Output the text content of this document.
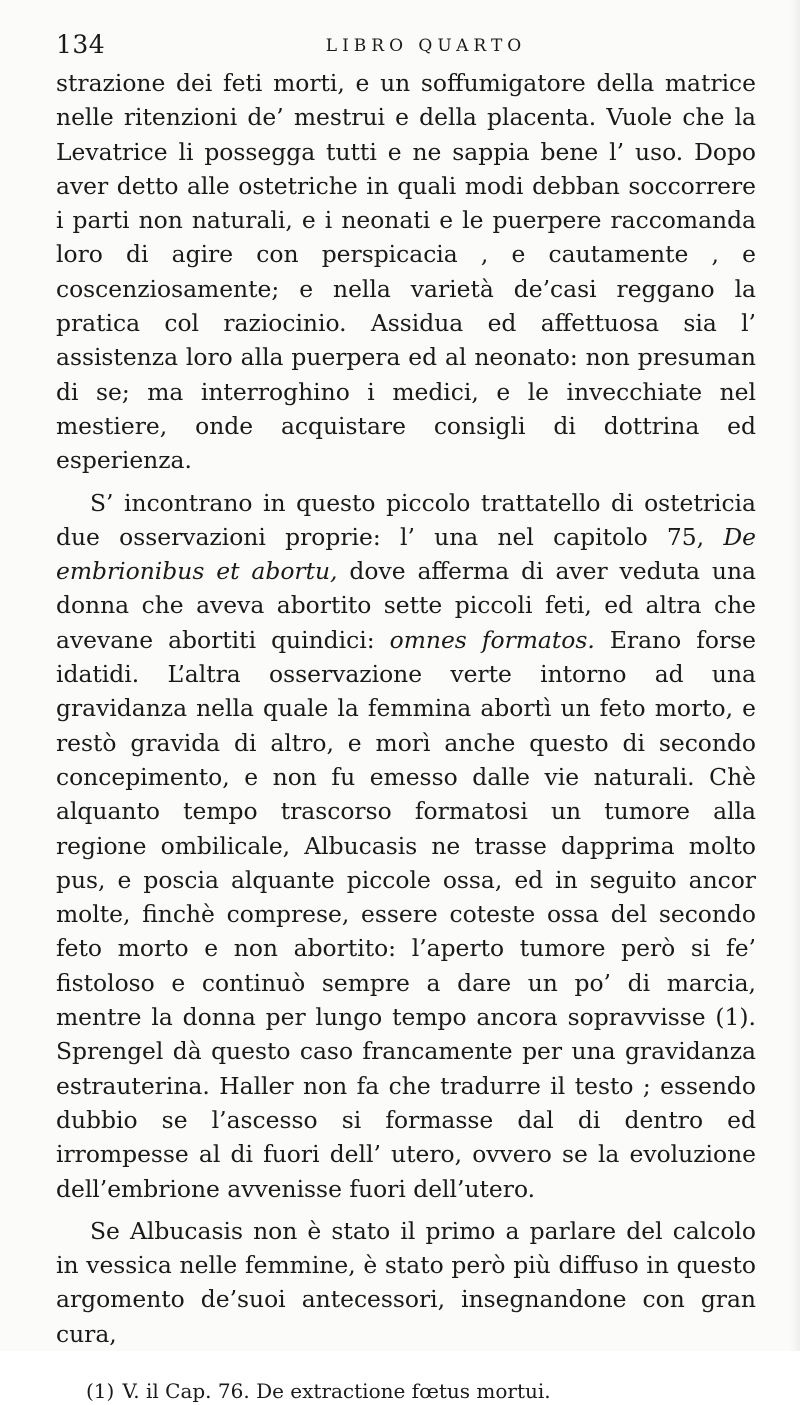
134	LIBRO QUARTO

strazione dei feti morti, e un soffumigatore della matrice nelle ritenzioni de’ mestrui e della placenta. Vuole che la Levatrice li possegga tutti e ne sappia bene l’ uso. Dopo aver detto alle ostetriche in quali modi debban soccorrere i parti non naturali, e i neonati e le puerpere raccomanda loro di agire con perspicacia , e cautamente , e coscenziosamente; e nella varietà de’casi reggano la pratica col raziocinio. Assidua ed affettuosa sia l’ assistenza loro alla puerpera ed al neonato: non presuman di se; ma interroghino i medici, e le invecchiate nel mestiere, onde acquistare consigli di dottrina ed esperienza.

S’ incontrano in questo piccolo trattatello di ostetricia due osservazioni proprie: l’ una nel capitolo 75, De embrionibus et abortu, dove afferma di aver veduta una donna che aveva abortito sette piccoli feti, ed altra che avevane abortiti quindici: omnes formatos. Erano forse idatidi. L’altra osservazione verte intorno ad una gravidanza nella quale la femmina abortì un feto morto, e restò gravida di altro, e morì anche questo di secondo concepimento, e non fu emesso dalle vie naturali. Chè alquanto tempo trascorso formatosi un tumore alla regione ombilicale, Albucasis ne trasse dapprima molto pus, e poscia alquante piccole ossa, ed in seguito ancor molte, finchè comprese, essere coteste ossa del secondo feto morto e non abortito: l’aperto tumore però si fe’ fistoloso e continuò sempre a dare un po’ di marcia, mentre la donna per lungo tempo ancora sopravvisse (1). Sprengel dà questo caso francamente per una gravidanza estrauterina. Haller non fa che tradurre il testo ; essendo dubbio se l’ascesso si formasse dal di dentro ed irrompesse al di fuori dell’ utero, ovvero se la evoluzione dell’embrione avvenisse fuori dell’utero.

Se Albucasis non è stato il primo a parlare del calcolo in vessica nelle femmine, è stato però più diffuso in questo argomento de’suoi antecessori, insegnandone con gran cura,

(1) V. il Cap. 76. De extractione fœtus mortui.
